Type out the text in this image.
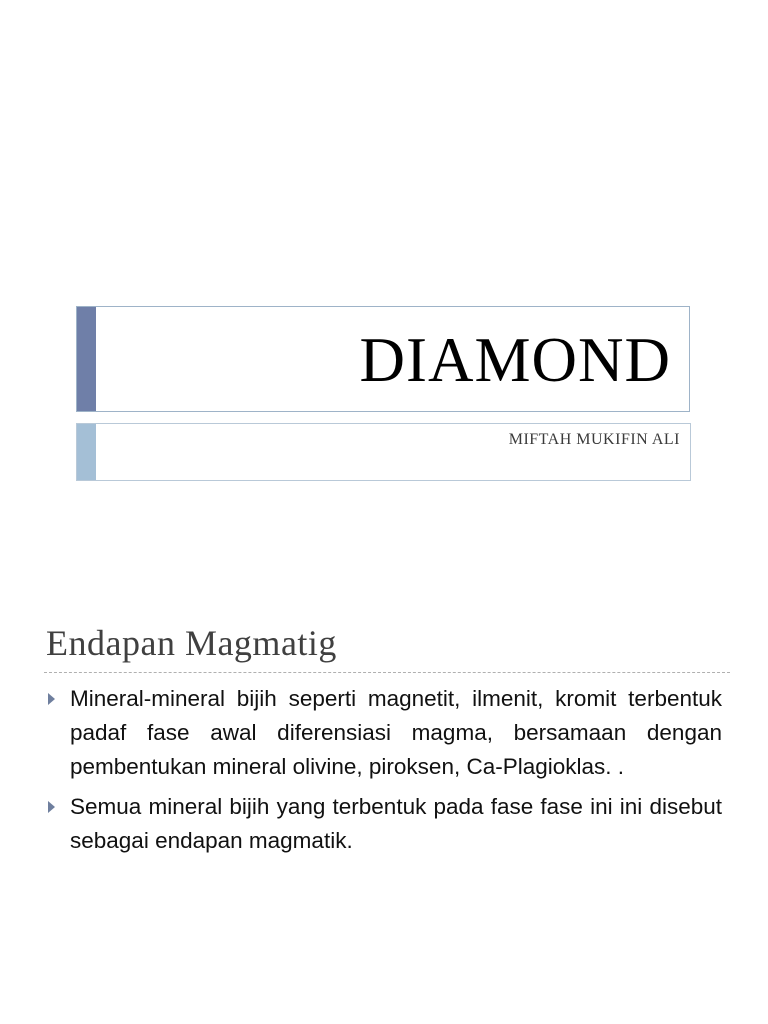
DIAMOND
MIFTAH MUKIFIN ALI
Endapan Magmatig
Mineral-mineral bijih seperti magnetit, ilmenit, kromit terbentuk padaf fase awal diferensiasi magma, bersamaan dengan pembentukan mineral olivine, piroksen, Ca-Plagioklas. .
Semua mineral bijih yang terbentuk pada fase fase ini ini disebut sebagai endapan magmatik.
